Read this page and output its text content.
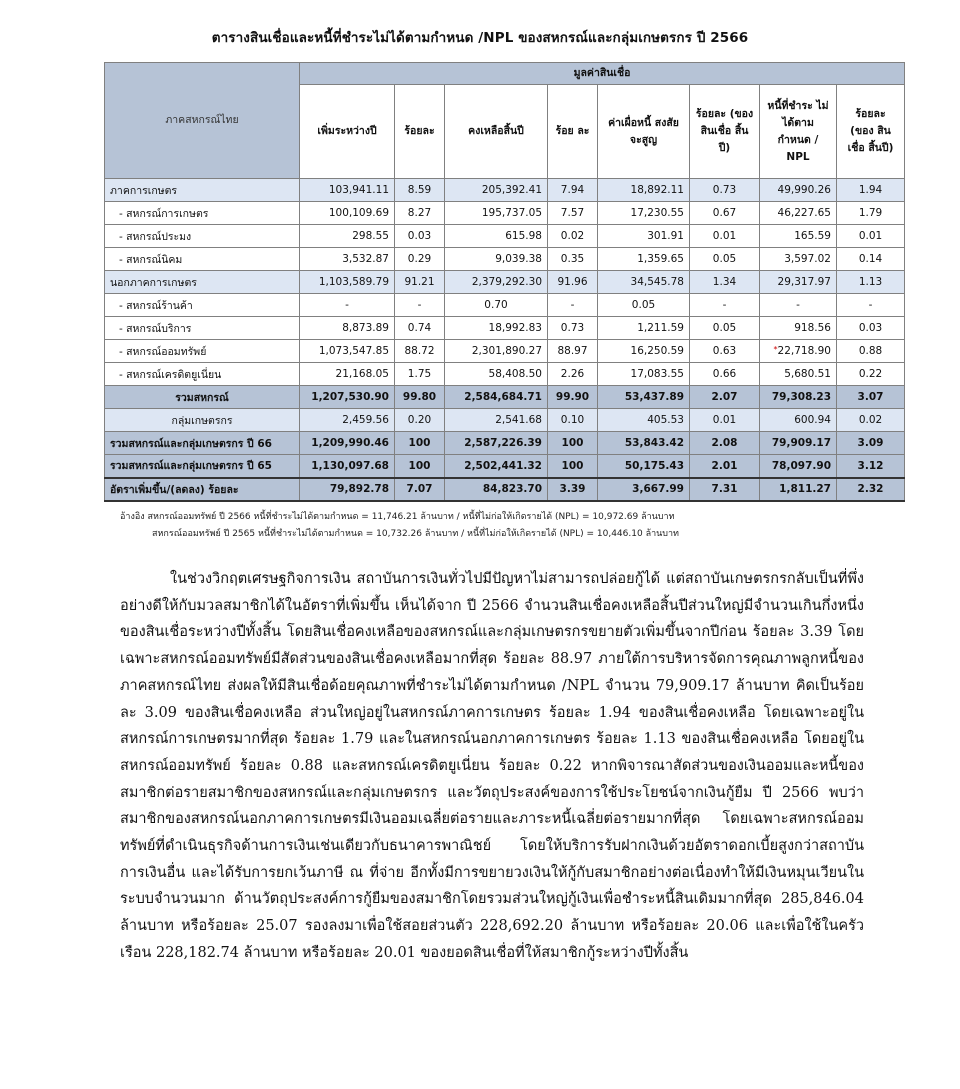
ตารางสินเชื่อและหนี้ที่ชำระไม่ได้ตามกำหนด /NPL ของสหกรณ์และกลุ่มเกษตรกร ปี 2566
ภาคสหกรณ์ไทย	มูลค่าสินเชื่อ							
	เพิ่มระหว่างปี	ร้อยละ	คงเหลือสิ้นปี	ร้อย ละ	ค่าเผื่อหนี้ สงสัยจะสูญ	ร้อยละ (ของ สินเชื่อ สิ้นปี)	หนี้ที่ชำระ ไม่ได้ตาม กำหนด / NPL	ร้อยละ (ของ สินเชื่อ สิ้นปี)
ภาคการเกษตร	103,941.11	8.59	205,392.41	7.94	18,892.11	0.73	49,990.26	1.94
- สหกรณ์การเกษตร	100,109.69	8.27	195,737.05	7.57	17,230.55	0.67	46,227.65	1.79
- สหกรณ์ประมง	298.55	0.03	615.98	0.02	301.91	0.01	165.59	0.01
- สหกรณ์นิคม	3,532.87	0.29	9,039.38	0.35	1,359.65	0.05	3,597.02	0.14
นอกภาคการเกษตร	1,103,589.79	91.21	2,379,292.30	91.96	34,545.78	1.34	29,317.97	1.13
- สหกรณ์ร้านค้า	-	-	0.70	-	0.05	-	-	-
- สหกรณ์บริการ	8,873.89	0.74	18,992.83	0.73	1,211.59	0.05	918.56	0.03
- สหกรณ์ออมทรัพย์	1,073,547.85	88.72	2,301,890.27	88.97	16,250.59	0.63	*22,718.90	0.88
- สหกรณ์เครดิตยูเนี่ยน	21,168.05	1.75	58,408.50	2.26	17,083.55	0.66	5,680.51	0.22
รวมสหกรณ์	1,207,530.90	99.80	2,584,684.71	99.90	53,437.89	2.07	79,308.23	3.07
กลุ่มเกษตรกร	2,459.56	0.20	2,541.68	0.10	405.53	0.01	600.94	0.02
รวมสหกรณ์และกลุ่มเกษตรกร ปี 66	1,209,990.46	100	2,587,226.39	100	53,843.42	2.08	79,909.17	3.09
รวมสหกรณ์และกลุ่มเกษตรกร ปี 65	1,130,097.68	100	2,502,441.32	100	50,175.43	2.01	78,097.90	3.12
อัตราเพิ่มขึ้น/(ลดลง) ร้อยละ	79,892.78	7.07	84,823.70	3.39	3,667.99	7.31	1,811.27	2.32
อ้างอิง สหกรณ์ออมทรัพย์ ปี 2566 หนี้ที่ชำระไม่ได้ตามกำหนด = 11,746.21 ล้านบาท / หนี้ที่ไม่ก่อให้เกิดรายได้ (NPL) = 10,972.69 ล้านบาท
สหกรณ์ออมทรัพย์ ปี 2565 หนี้ที่ชำระไม่ได้ตามกำหนด = 10,732.26 ล้านบาท / หนี้ที่ไม่ก่อให้เกิดรายได้ (NPL) = 10,446.10 ล้านบาท
ในช่วงวิกฤตเศรษฐกิจการเงิน สถาบันการเงินทั่วไปมีปัญหาไม่สามารถปล่อยกู้ได้ แต่สถาบันเกษตรกรกลับเป็นที่พึ่งอย่างดีให้กับมวลสมาชิกได้ในอัตราที่เพิ่มขึ้น เห็นได้จาก ปี 2566 จำนวนสินเชื่อคงเหลือสิ้นปีส่วนใหญ่มีจำนวนเกินกึ่งหนึ่งของสินเชื่อระหว่างปีทั้งสิ้น โดยสินเชื่อคงเหลือของสหกรณ์และกลุ่มเกษตรกรขยายตัวเพิ่มขึ้นจากปีก่อน ร้อยละ 3.39 โดยเฉพาะสหกรณ์ออมทรัพย์มีสัดส่วนของสินเชื่อคงเหลือมากที่สุด ร้อยละ 88.97 ภายใต้การบริหารจัดการคุณภาพลูกหนี้ของภาคสหกรณ์ไทย ส่งผลให้มีสินเชื่อด้อยคุณภาพที่ชำระไม่ได้ตามกำหนด /NPL จำนวน 79,909.17 ล้านบาท คิดเป็นร้อยละ 3.09 ของสินเชื่อคงเหลือ ส่วนใหญ่อยู่ในสหกรณ์ภาคการเกษตร ร้อยละ 1.94 ของสินเชื่อคงเหลือ โดยเฉพาะอยู่ในสหกรณ์การเกษตรมากที่สุด ร้อยละ 1.79 และในสหกรณ์นอกภาคการเกษตร ร้อยละ 1.13 ของสินเชื่อคงเหลือ โดยอยู่ในสหกรณ์ออมทรัพย์ ร้อยละ 0.88 และสหกรณ์เครดิตยูเนี่ยน ร้อยละ 0.22 หากพิจารณาสัดส่วนของเงินออมและหนี้ของสมาชิกต่อรายสมาชิกของสหกรณ์และกลุ่มเกษตรกร และวัตถุประสงค์ของการใช้ประโยชน์จากเงินกู้ยืม ปี 2566 พบว่าสมาชิกของสหกรณ์นอกภาคการเกษตรมีเงินออมเฉลี่ยต่อรายและภาระหนี้เฉลี่ยต่อรายมากที่สุด โดยเฉพาะสหกรณ์ออมทรัพย์ที่ดำเนินธุรกิจด้านการเงินเช่นเดียวกับธนาคารพาณิชย์ โดยให้บริการรับฝากเงินด้วยอัตราดอกเบี้ยสูงกว่าสถาบันการเงินอื่น และได้รับการยกเว้นภาษี ณ ที่จ่าย อีกทั้งมีการขยายวงเงินให้กู้กับสมาชิกอย่างต่อเนื่องทำให้มีเงินหมุนเวียนในระบบจำนวนมาก ด้านวัตถุประสงค์การกู้ยืมของสมาชิกโดยรวมส่วนใหญ่กู้เงินเพื่อชำระหนี้สินเดิมมากที่สุด 285,846.04 ล้านบาท หรือร้อยละ 25.07 รองลงมาเพื่อใช้สอยส่วนตัว 228,692.20 ล้านบาท หรือร้อยละ 20.06 และเพื่อใช้ในครัวเรือน 228,182.74 ล้านบาท หรือร้อยละ 20.01 ของยอดสินเชื่อที่ให้สมาชิกกู้ระหว่างปีทั้งสิ้น
